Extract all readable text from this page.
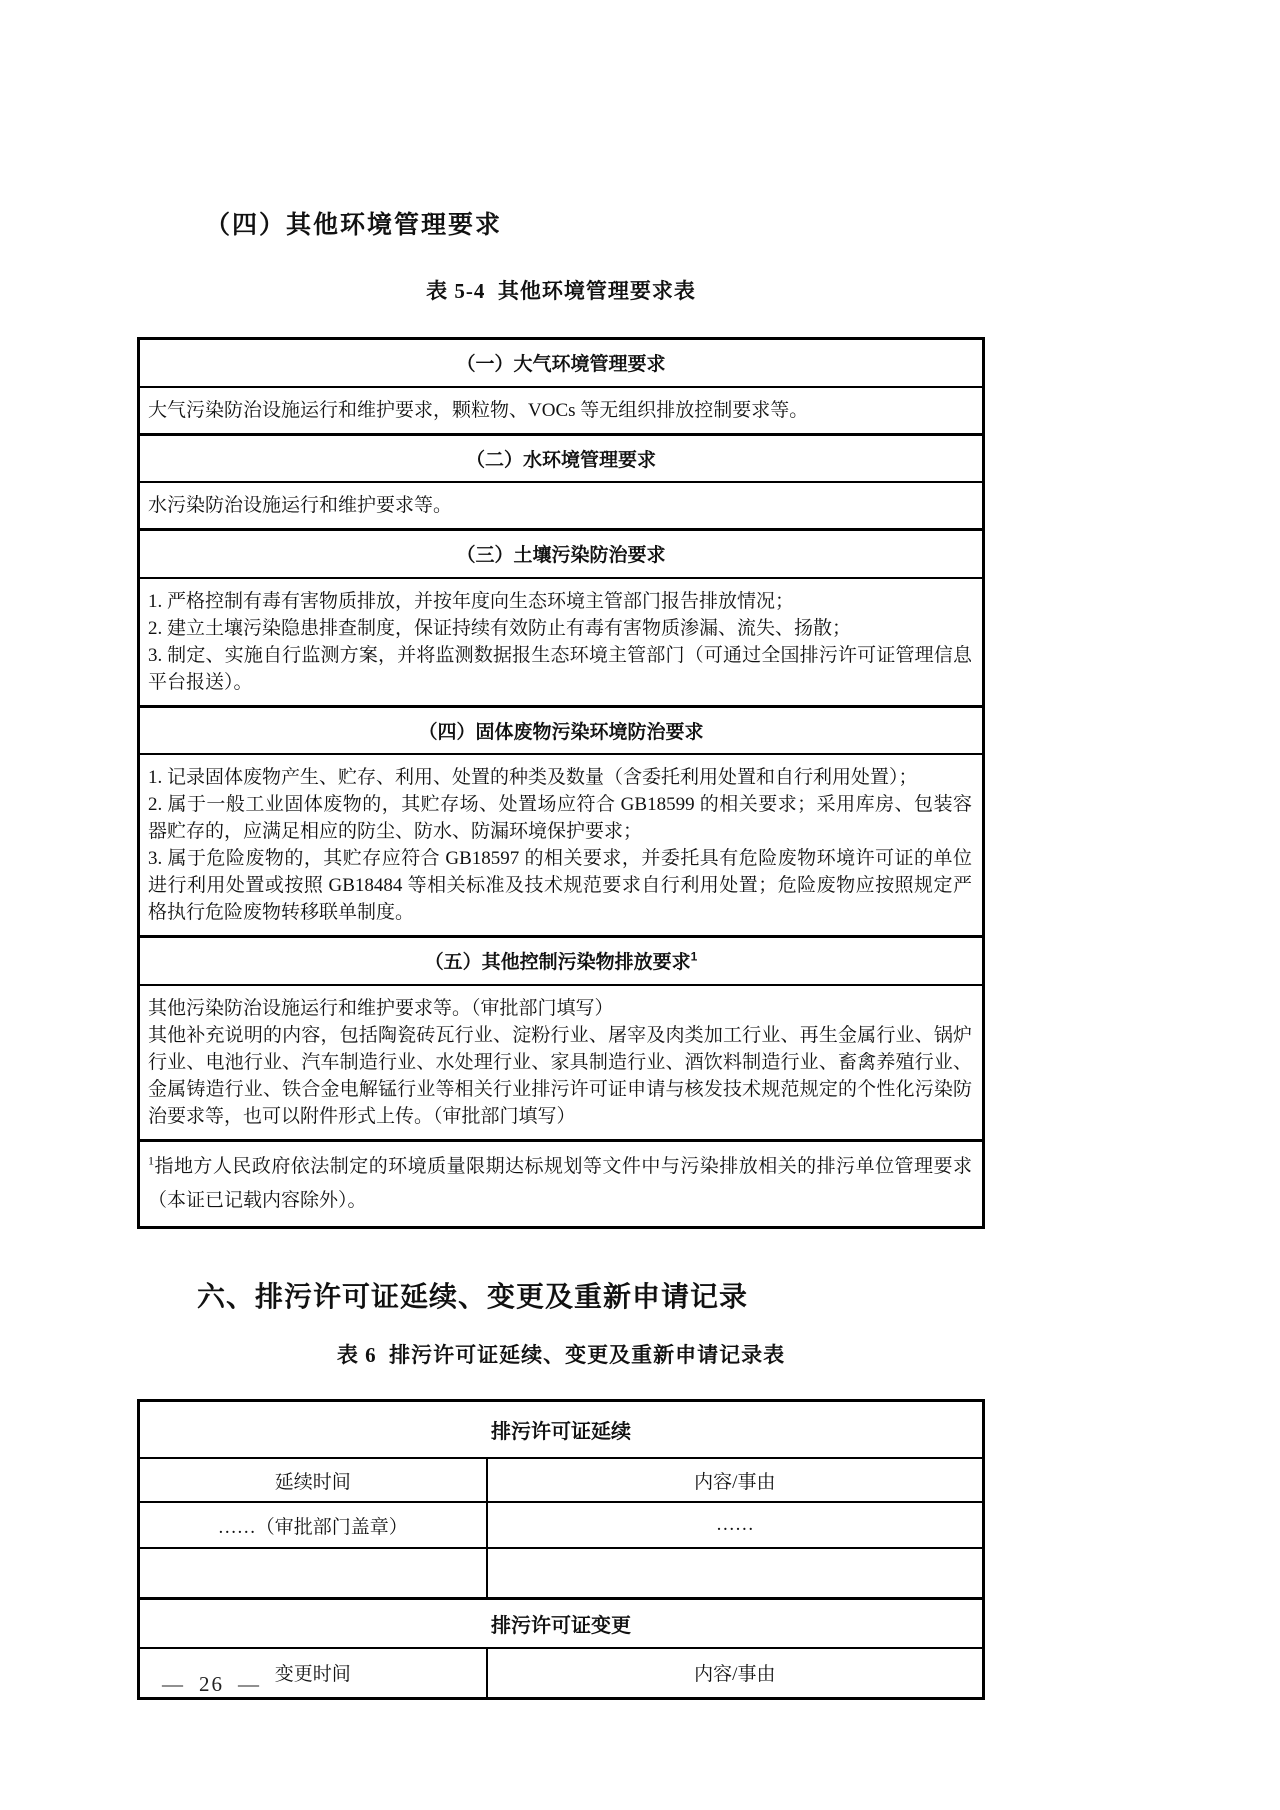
（四）其他环境管理要求
表 5-4  其他环境管理要求表
（一）大气环境管理要求

大气污染防治设施运行和维护要求，颗粒物、VOCs 等无组织排放控制要求等。

（二）水环境管理要求

水污染防治设施运行和维护要求等。

（三）土壤污染防治要求

1. 严格控制有毒有害物质排放，并按年度向生态环境主管部门报告排放情况；
2. 建立土壤污染隐患排查制度，保证持续有效防止有毒有害物质渗漏、流失、扬散；
3. 制定、实施自行监测方案，并将监测数据报生态环境主管部门（可通过全国排污许可证管理信息平台报送）。

（四）固体废物污染环境防治要求

1. 记录固体废物产生、贮存、利用、处置的种类及数量（含委托利用处置和自行利用处置）；
2. 属于一般工业固体废物的，其贮存场、处置场应符合 GB18599 的相关要求；采用库房、包装容器贮存的，应满足相应的防尘、防水、防漏环境保护要求；
3. 属于危险废物的，其贮存应符合 GB18597 的相关要求，并委托具有危险废物环境许可证的单位进行利用处置或按照 GB18484 等相关标准及技术规范要求自行利用处置；危险废物应按照规定严格执行危险废物转移联单制度。

（五）其他控制污染物排放要求$^1$

其他污染防治设施运行和维护要求等。（审批部门填写）
其他补充说明的内容，包括陶瓷砖瓦行业、淀粉行业、屠宰及肉类加工行业、再生金属行业、锅炉行业、电池行业、汽车制造行业、水处理行业、家具制造行业、酒饮料制造行业、畜禽养殖行业、金属铸造行业、铁合金电解锰行业等相关行业排污许可证申请与核发技术规范规定的个性化污染防治要求等，也可以附件形式上传。（审批部门填写）

$^1$指地方人民政府依法制定的环境质量限期达标规划等文件中与污染排放相关的排污单位管理要求（本证已记载内容除外）。
六、排污许可证延续、变更及重新申请记录
表 6  排污许可证延续、变更及重新申请记录表
排污许可证延续	
延续时间	内容/事由
……（审批部门盖章）	……

排污许可证变更	
变更时间	内容/事由
— 26 —
